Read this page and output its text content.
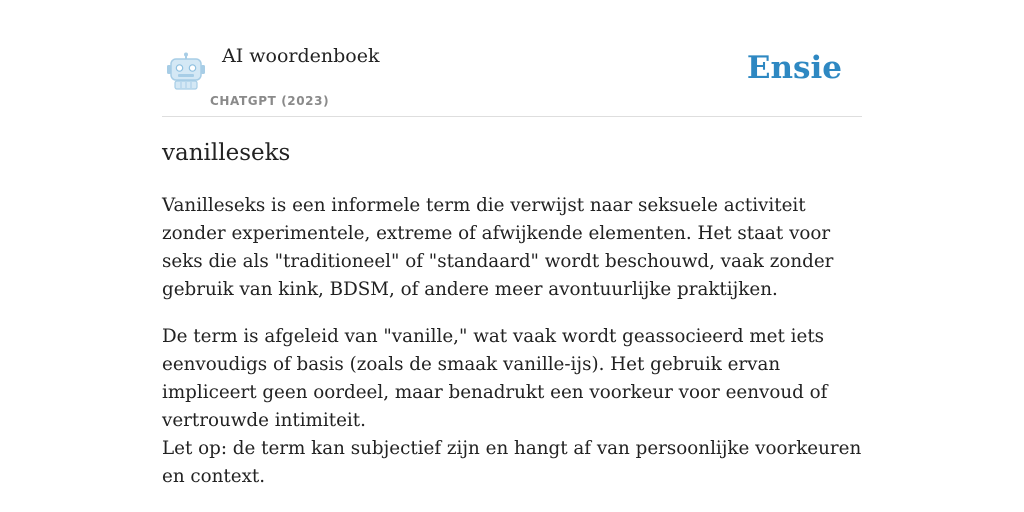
AI woordenboek
CHATGPT (2023)
Ensie
vanilleseks

Vanilleseks is een informele term die verwijst naar seksuele activiteit zonder experimentele, extreme of afwijkende elementen. Het staat voor seks die als "traditioneel" of "standaard" wordt beschouwd, vaak zonder gebruik van kink, BDSM, of andere meer avontuurlijke praktijken.

De term is afgeleid van "vanille," wat vaak wordt geassocieerd met iets eenvoudigs of basis (zoals de smaak vanille-ijs). Het gebruik ervan impliceert geen oordeel, maar benadrukt een voorkeur voor eenvoud of vertrouwde intimiteit.

Let op: de term kan subjectief zijn en hangt af van persoonlijke voorkeuren en context.
